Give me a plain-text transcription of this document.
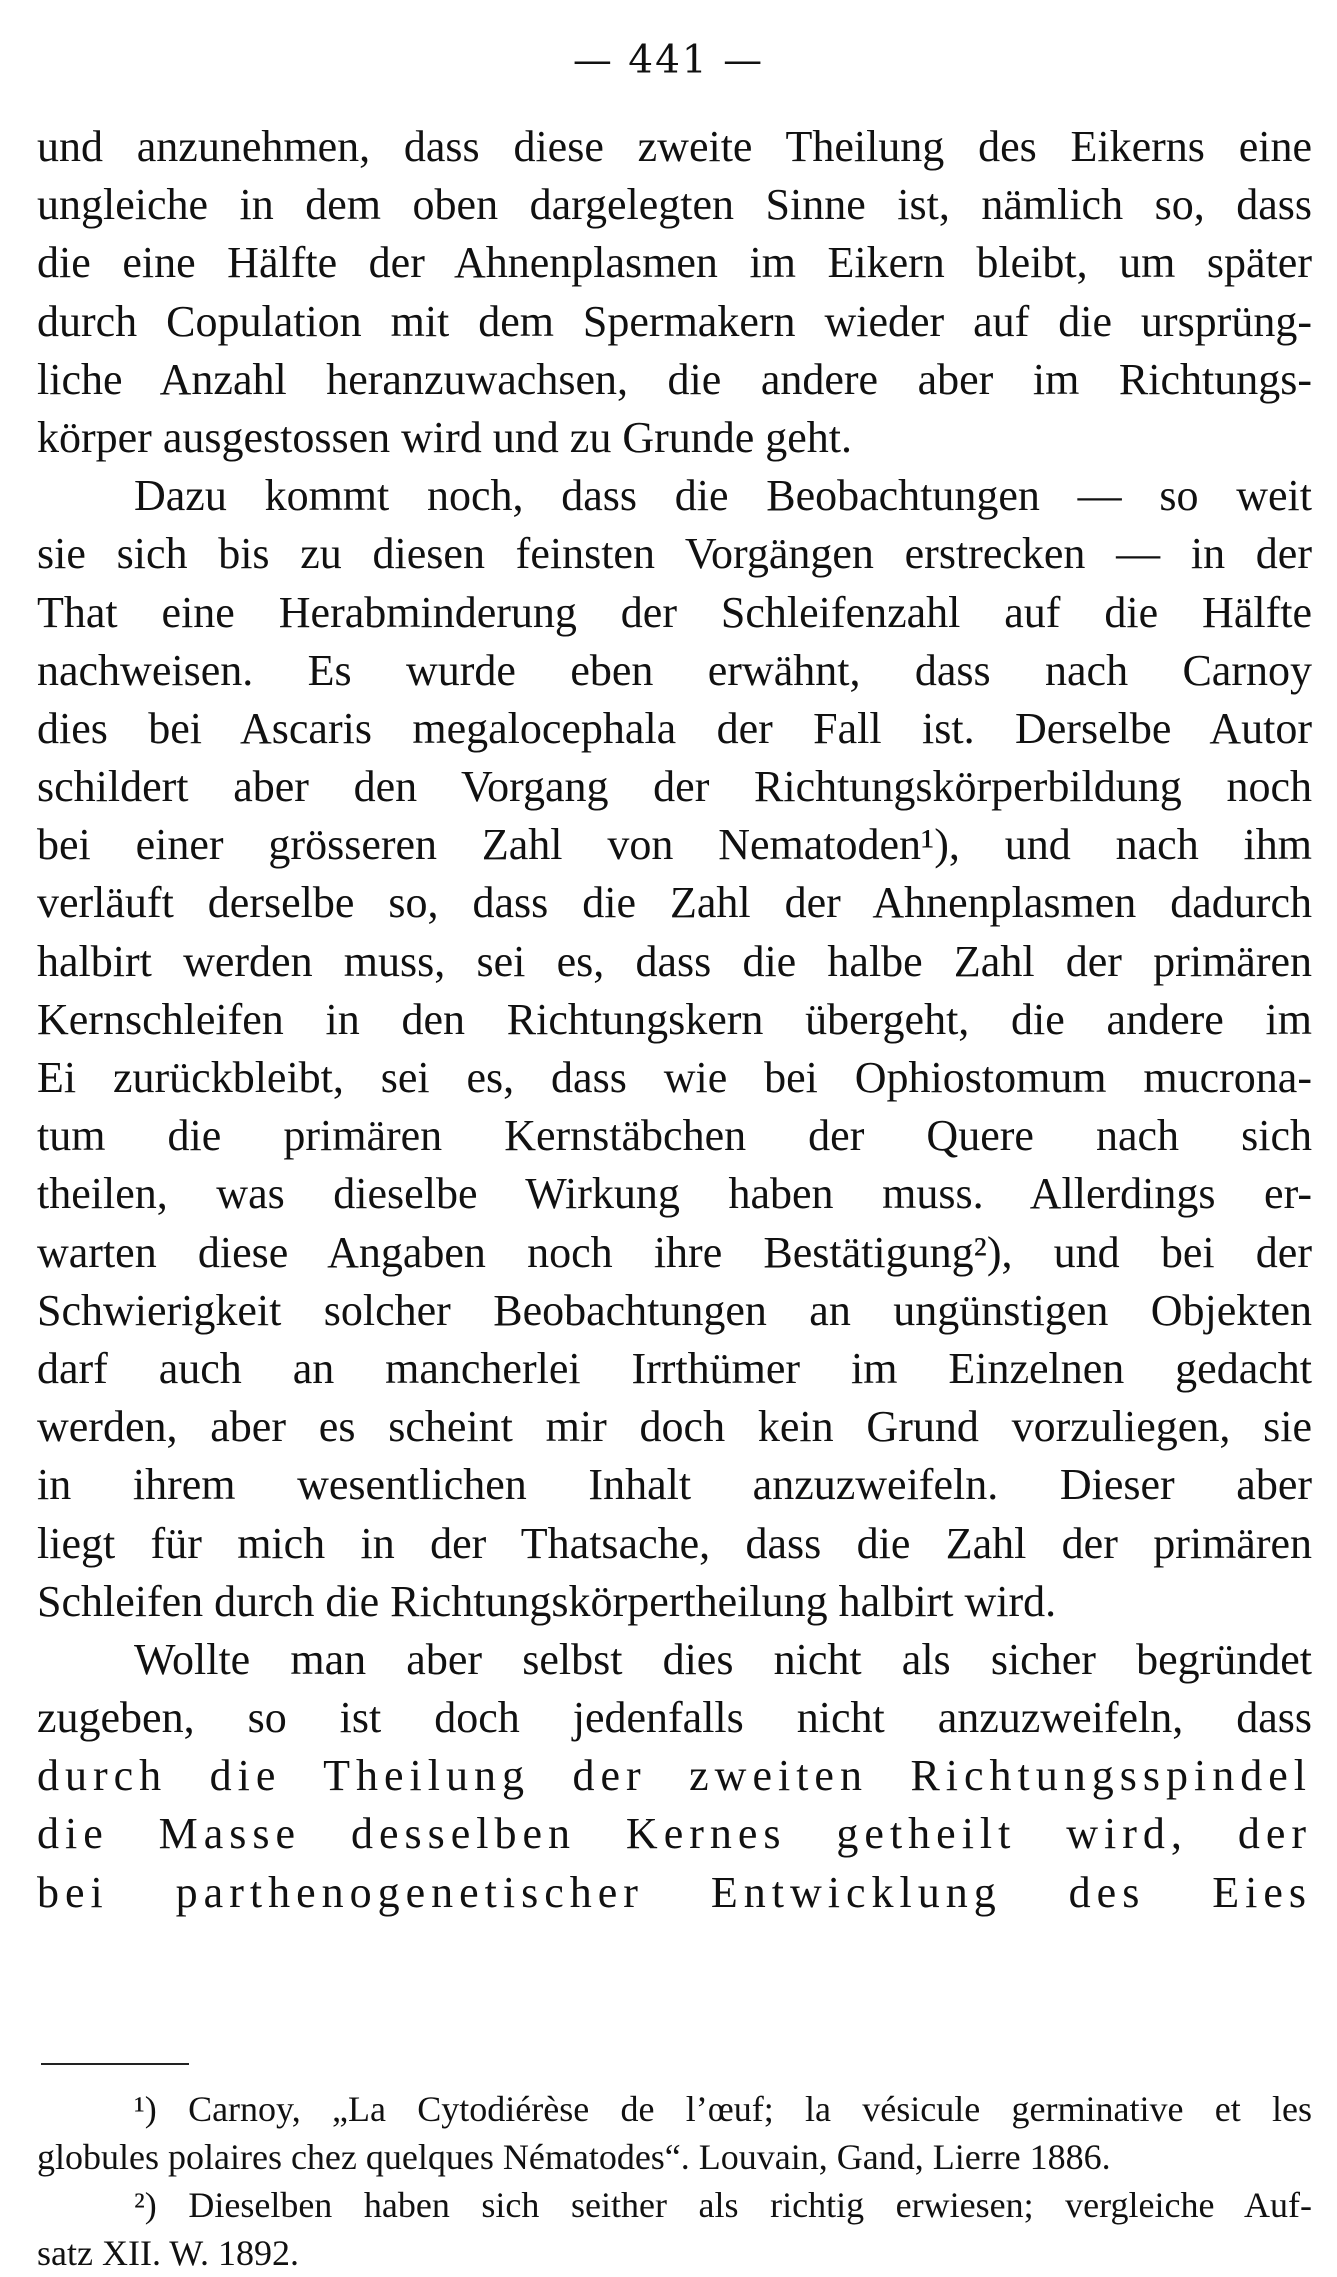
— 441 —
und anzunehmen, dass diese zweite Theilung des Eikerns eine
ungleiche in dem oben dargelegten Sinne ist, nämlich so, dass
die eine Hälfte der Ahnenplasmen im Eikern bleibt, um später
durch Copulation mit dem Spermakern wieder auf die ursprüng-
liche Anzahl heranzuwachsen, die andere aber im Richtungs-
körper ausgestossen wird und zu Grunde geht.
Dazu kommt noch, dass die Beobachtungen — so weit
sie sich bis zu diesen feinsten Vorgängen erstrecken — in der
That eine Herabminderung der Schleifenzahl auf die Hälfte
nachweisen. Es wurde eben erwähnt, dass nach Carnoy
dies bei Ascaris megalocephala der Fall ist. Derselbe Autor
schildert aber den Vorgang der Richtungskörperbildung noch
bei einer grösseren Zahl von Nematoden¹), und nach ihm
verläuft derselbe so, dass die Zahl der Ahnenplasmen dadurch
halbirt werden muss, sei es, dass die halbe Zahl der primären
Kernschleifen in den Richtungskern übergeht, die andere im
Ei zurückbleibt, sei es, dass wie bei Ophiostomum mucrona-
tum die primären Kernstäbchen der Quere nach sich
theilen, was dieselbe Wirkung haben muss. Allerdings er-
warten diese Angaben noch ihre Bestätigung²), und bei der
Schwierigkeit solcher Beobachtungen an ungünstigen Objekten
darf auch an mancherlei Irrthümer im Einzelnen gedacht
werden, aber es scheint mir doch kein Grund vorzuliegen, sie
in ihrem wesentlichen Inhalt anzuzweifeln. Dieser aber
liegt für mich in der Thatsache, dass die Zahl der primären
Schleifen durch die Richtungskörpertheilung halbirt wird.
Wollte man aber selbst dies nicht als sicher begründet
zugeben, so ist doch jedenfalls nicht anzuzweifeln, dass
durch die Theilung der zweiten Richtungsspindel
die Masse desselben Kernes getheilt wird, der
bei parthenogenetischer Entwicklung des Eies
¹) Carnoy, „La Cytodiérèse de l’œuf; la vésicule germinative et les
globules polaires chez quelques Nématodes“. Louvain, Gand, Lierre 1886.
²) Dieselben haben sich seither als richtig erwiesen; vergleiche Auf-
satz XII. W. 1892.
